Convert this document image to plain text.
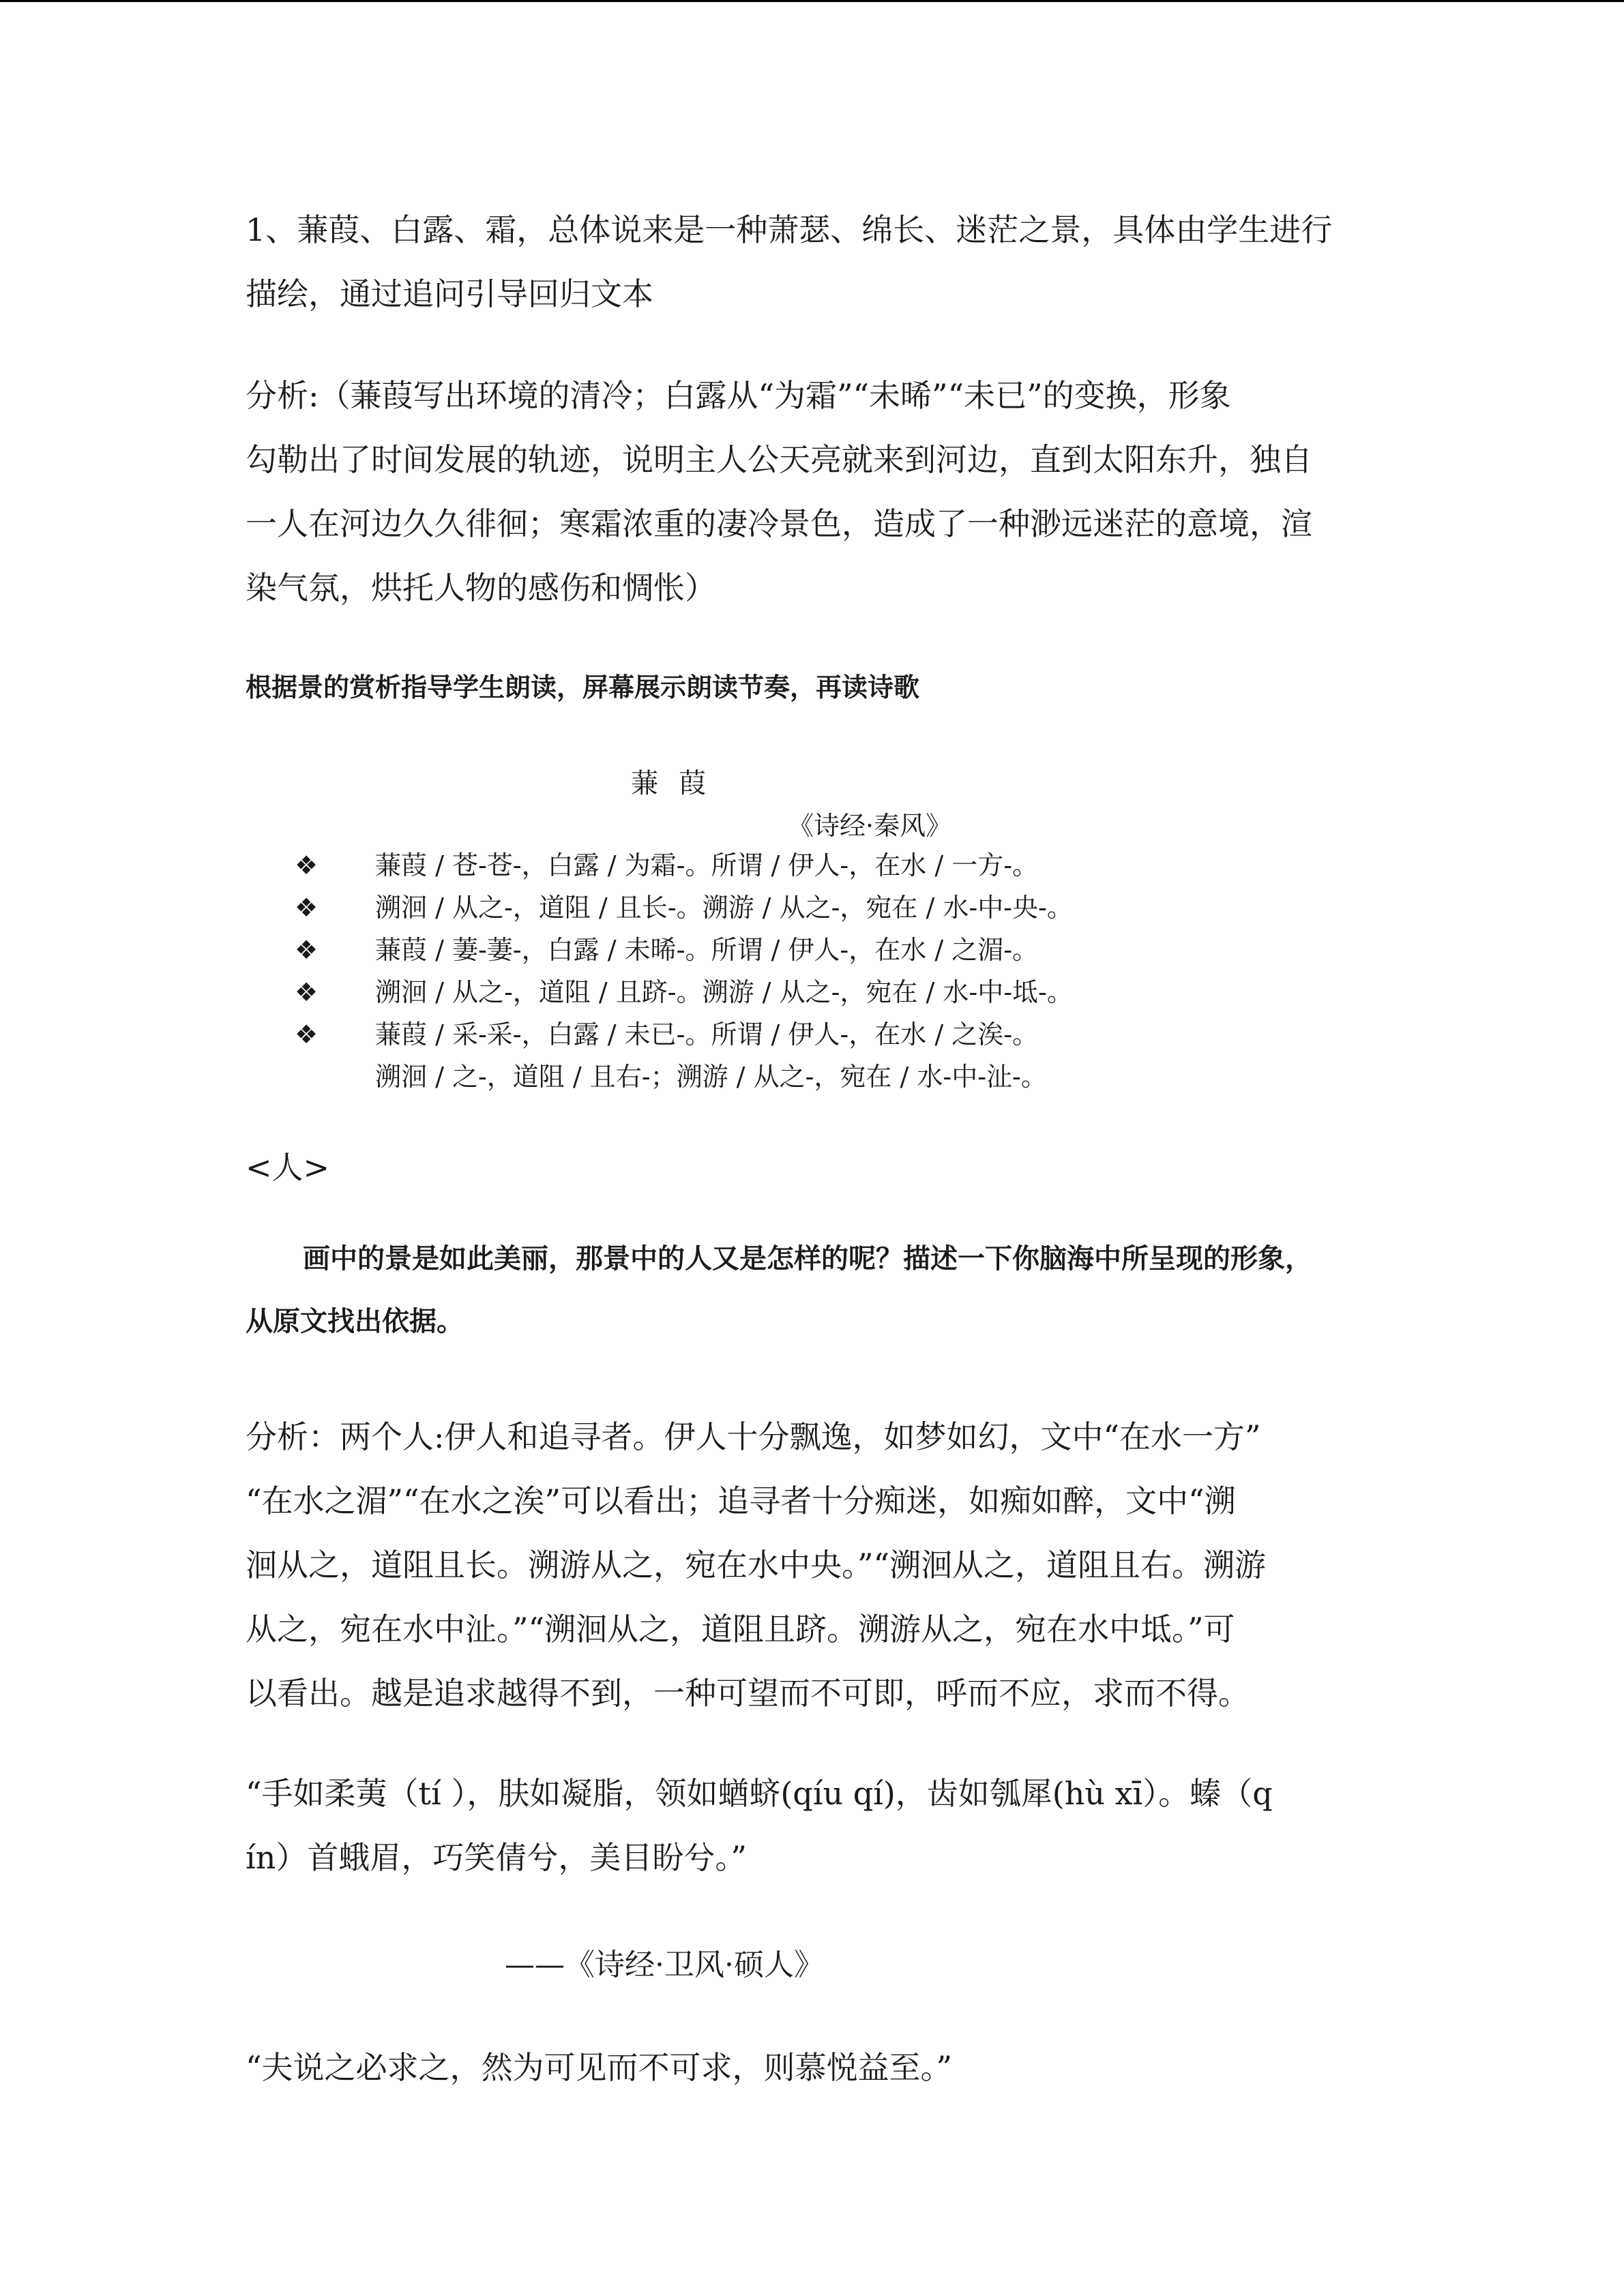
1、蒹葭、白露、霜，总体说来是一种萧瑟、绵长、迷茫之景，具体由学生进行

描绘，通过追问引导回归文本

分析:（蒹葭写出环境的清冷；白露从“为霜”“未晞”“未已”的变换，形象

勾勒出了时间发展的轨迹，说明主人公天亮就来到河边，直到太阳东升，独自

一人在河边久久徘徊；寒霜浓重的凄冷景色，造成了一种渺远迷茫的意境，渲

染气氛，烘托人物的感伤和惆怅）

根据景的赏析指导学生朗读，屏幕展示朗读节奏，再读诗歌

蒹葭
《诗经·秦风》
❖ 蒹葭 / 苍-苍-，白露 / 为霜-。所谓 / 伊人-，在水 / 一方-。
❖ 溯洄 / 从之-，道阻 / 且长-。溯游 / 从之-，宛在 / 水-中-央-。
❖ 蒹葭 / 萋-萋-，白露 / 未晞-。所谓 / 伊人-，在水 / 之湄-。
❖ 溯洄 / 从之-，道阻 / 且跻-。溯游 / 从之-，宛在 / 水-中-坻-。
❖ 蒹葭 / 采-采-，白露 / 未已-。所谓 / 伊人-，在水 / 之涘-。
溯洄 / 之-，道阻 / 且右-；溯游 / 从之-，宛在 / 水-中-沚-。

<人>

画中的景是如此美丽，那景中的人又是怎样的呢？描述一下你脑海中所呈现的形象，

从原文找出依据。

分析：两个人:伊人和追寻者。伊人十分飘逸，如梦如幻，文中“在水一方”

“在水之湄”“在水之涘”可以看出；追寻者十分痴迷，如痴如醉，文中“溯

洄从之，道阻且长。溯游从之，宛在水中央。”“溯洄从之，道阻且右。溯游

从之，宛在水中沚。”“溯洄从之，道阻且跻。溯游从之，宛在水中坻。”可

以看出。越是追求越得不到，一种可望而不可即，呼而不应，求而不得。

“手如柔荑（tí ），肤如凝脂，领如蝤蛴(qíu qí)，齿如瓠犀(hù xī）。螓（q

ín）首蛾眉，巧笑倩兮，美目盼兮。”

——《诗经·卫风·硕人》

“夫说之必求之，然为可见而不可求，则慕悦益至。”
